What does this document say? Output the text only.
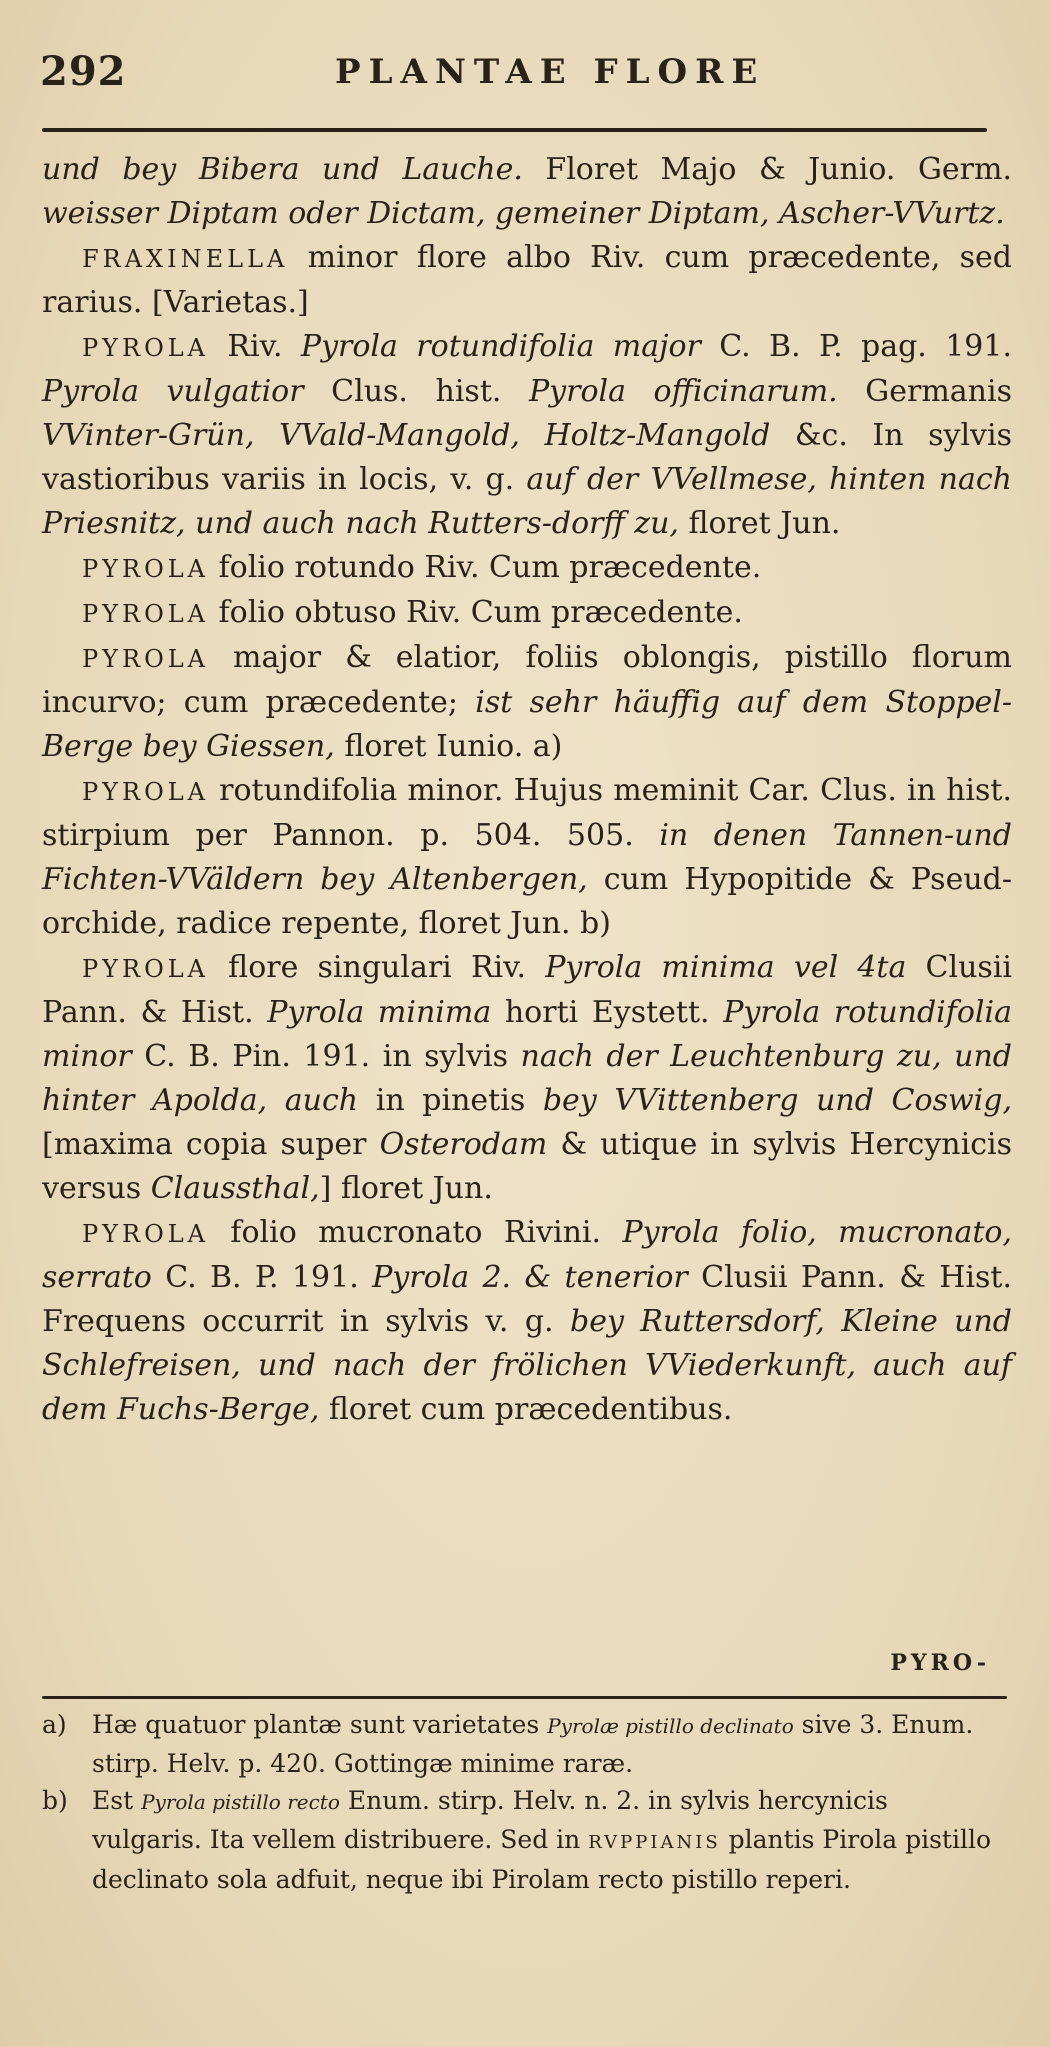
292	PLANTAE FLORE

und bey Bibera und Lauche. Floret Majo & Junio. Germ. weisser Diptam oder Dictam, gemeiner Diptam, Ascher-VVurtz.

FRAXINELLA minor flore albo Riv. cum præcedente, sed rarius. [Varietas.]

PYROLA Riv. Pyrola rotundifolia major C. B. P. pag. 191. Pyrola vulgatior Clus. hist. Pyrola officinarum. Germanis VVinter-Grün, VVald-Mangold, Holtz-Mangold &c. In sylvis vastioribus variis in locis, v. g. auf der VVellmese, hinten nach Priesnitz, und auch nach Rutters-dorff zu, floret Jun.

PYROLA folio rotundo Riv. Cum præcedente.

PYROLA folio obtuso Riv. Cum præcedente.

PYROLA major & elatior, foliis oblongis, pistillo florum incurvo; cum præcedente; ist sehr häuffig auf dem Stoppel-Berge bey Giessen, floret Iunio. a)

PYROLA rotundifolia minor. Hujus meminit Car. Clus. in hist. stirpium per Pannon. p. 504. 505. in denen Tannen-und Fichten-VVäldern bey Altenbergen, cum Hypopitide & Pseud-orchide, radice repente, floret Jun. b)

PYROLA flore singulari Riv. Pyrola minima vel 4ta Clusii Pann. & Hist. Pyrola minima horti Eystett. Pyrola rotundifolia minor C. B. Pin. 191. in sylvis nach der Leuchtenburg zu, und hinter Apolda, auch in pinetis bey VVittenberg und Coswig, [maxima copia super Osterodam & utique in sylvis Hercynicis versus Claussthal,] floret Jun.

PYROLA folio mucronato Rivini. Pyrola folio, mucronato, serrato C. B. P. 191. Pyrola 2. & tenerior Clusii Pann. & Hist. Frequens occurrit in sylvis v. g. bey Ruttersdorf, Kleine und Schlefreisen, und nach der frölichen VViederkunft, auch auf dem Fuchs-Berge, floret cum præcedentibus.

PYRO-
a) Hæ quatuor plantæ sunt varietates Pyrolæ pistillo declinato sive 3. Enum. stirp. Helv. p. 420. Gottingæ minime raræ.
b) Est Pyrola pistillo recto Enum. stirp. Helv. n. 2. in sylvis hercynicis vulgaris. Ita vellem distribuere. Sed in RVPPIANIS plantis Pirola pistillo declinato sola adfuit, neque ibi Pirolam recto pistillo reperi.
